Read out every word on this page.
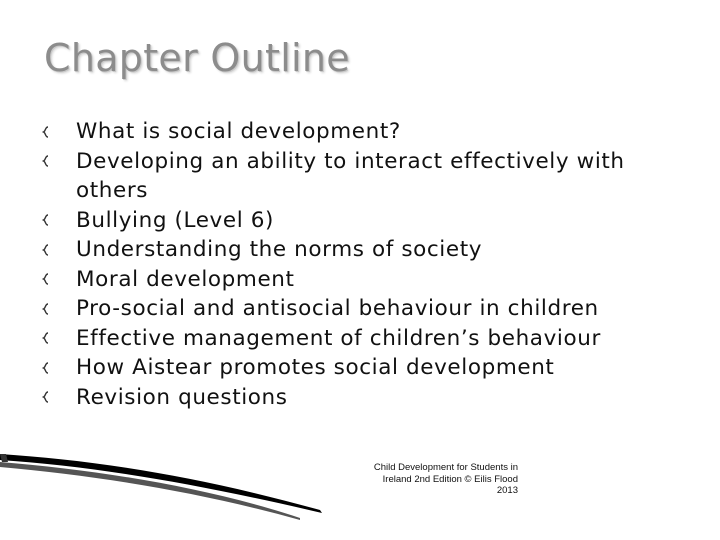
Chapter Outline
What is social development?
Developing an ability to interact effectively with others
Bullying (Level 6)
Understanding the norms of society
Moral development
Pro-social and antisocial behaviour in children
Effective management of children’s behaviour
How Aistear promotes social development
Revision questions
Child Development for Students in
Ireland 2nd Edition © Eilis Flood
2013
